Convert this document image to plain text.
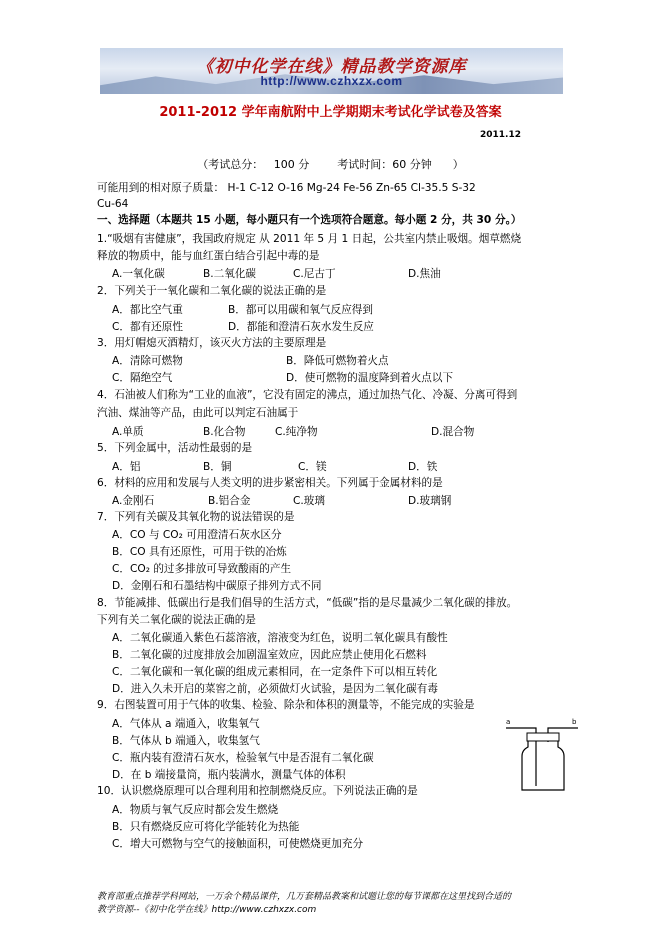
《初中化学在线》精品教学资源库
http://www.czhxzx.com
2011-2012 学年南航附中上学期期末考试化学试卷及答案
2011.12
（考试总分：   100 分        考试时间：60 分钟      ）
可能用到的相对原子质量： H-1 C-12 O-16 Mg-24 Fe-56 Zn-65 Cl-35.5 S-32
Cu-64
一、选择题（本题共 15 小题，每小题只有一个选项符合题意。每小题 2 分，共 30 分。）
1.“吸烟有害健康”，我国政府规定 从 2011 年 5 月 1 日起，公共室内禁止吸烟。烟草燃烧
释放的物质中，能与血红蛋白结合引起中毒的是
A.一氧化碳	B.二氧化碳	C.尼古丁	D.焦油
2．下列关于一氧化碳和二氧化碳的说法正确的是
A．都比空气重	B．都可以用碳和氧气反应得到
C．都有还原性	D．都能和澄清石灰水发生反应
3．用灯帽熄灭酒精灯，该灭火方法的主要原理是
A．清除可燃物	B．降低可燃物着火点
C．隔绝空气	D．使可燃物的温度降到着火点以下
4．石油被人们称为“工业的血液”，它没有固定的沸点，通过加热气化、冷凝、分离可得到
汽油、煤油等产品，由此可以判定石油属于
A.单质	B.化合物	C.纯净物	D.混合物
5．下列金属中，活动性最弱的是
A．铝	B．铜	C．镁	D．铁
6．材料的应用和发展与人类文明的进步紧密相关。下列属于金属材料的是
A.金刚石	B.铝合金	C.玻璃	D.玻璃钢
7．下列有关碳及其氧化物的说法错误的是
A．CO 与 CO₂ 可用澄清石灰水区分
B．CO 具有还原性，可用于铁的冶炼
C．CO₂ 的过多排放可导致酸雨的产生
D．金刚石和石墨结构中碳原子排列方式不同
8．节能减排、低碳出行是我们倡导的生活方式，“低碳”指的是尽量减少二氧化碳的排放。
下列有关二氧化碳的说法正确的是
A．二氧化碳通入紫色石蕊溶液，溶液变为红色，说明二氧化碳具有酸性
B．二氧化碳的过度排放会加剧温室效应，因此应禁止使用化石燃料
C．二氧化碳和一氧化碳的组成元素相同，在一定条件下可以相互转化
D．进入久未开启的菜窖之前，必须做灯火试验，是因为二氧化碳有毒
9．右图装置可用于气体的收集、检验、除杂和体积的测量等，不能完成的实验是
A．气体从 a 端通入，收集氧气
B．气体从 b 端通入，收集氢气
C．瓶内装有澄清石灰水，检验氧气中是否混有二氧化碳
D．在 b 端接量筒，瓶内装满水，测量气体的体积
a	b
10．认识燃烧原理可以合理利用和控制燃烧反应。下列说法正确的是
A．物质与氧气反应时都会发生燃烧
B．只有燃烧反应可将化学能转化为热能
C．增大可燃物与空气的接触面积，可使燃烧更加充分
教育部重点推荐学科网站，一万余个精品课件，几万套精品教案和试题让您的每节课都在这里找到合适的
教学资源--《初中化学在线》http://www.czhxzx.com
